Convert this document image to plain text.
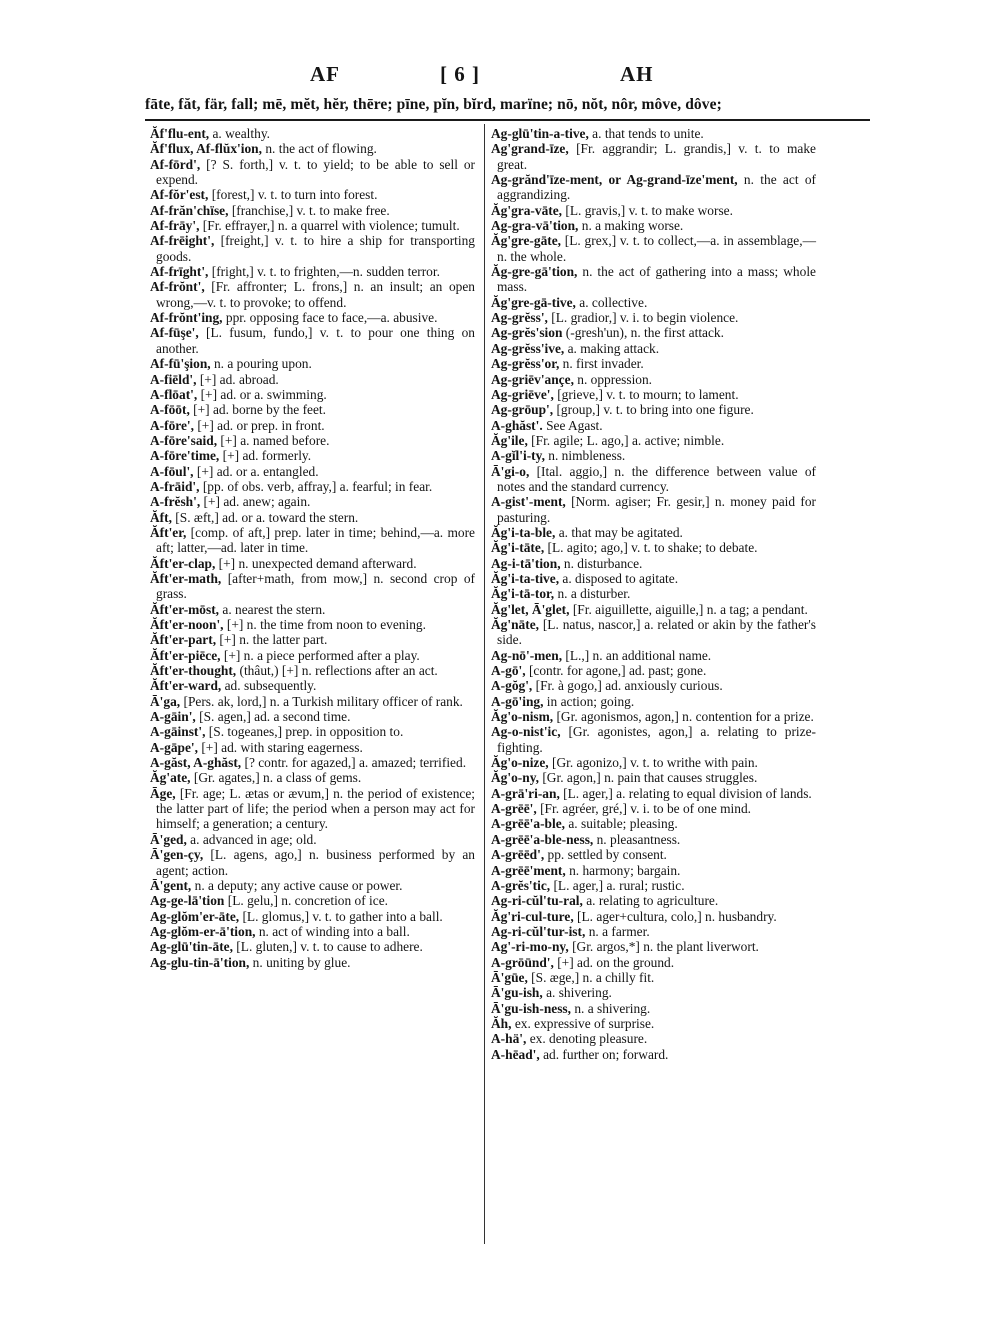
AF	[ 6 ]	AH
fāte, făt, fär, fall; mē, mĕt, hĕr, thēre; pīne, pĭn, bĭrd, marïne; nō, nŏt, nôr, môve, dôve;

Ăf'flu-ent, a. wealthy.

Ăf'flux, Af-flŭx'ion, n. the act of flowing.

Af-fōrd', [? S. forth,] v. t. to yield; to be able to sell or expend.

Af-fŏr'est, [forest,] v. t. to turn into forest.

Af-frăn'chïse, [franchise,] v. t. to make free.

Af-frāy', [Fr. effrayer,] n. a quarrel with violence; tumult.

Af-frēight', [freight,] v. t. to hire a ship for transporting goods.

Af-frīght', [fright,] v. t. to frighten,—n. sudden terror.

Af-frŏnt', [Fr. affronter; L. frons,] n. an insult; an open wrong,—v. t. to provoke; to offend.

Af-frŏnt'ing, ppr. opposing face to face,—a. abusive.

Af-fūşe', [L. fusum, fundo,] v. t. to pour one thing on another.

Af-fū'şion, n. a pouring upon.

A-fiēld', [+] ad. abroad.

A-flōat', [+] ad. or a. swimming.

A-fōōt, [+] ad. borne by the feet.

A-fōre', [+] ad. or prep. in front.

A-fōre'said, [+] a. named before.

A-fōre'time, [+] ad. formerly.

A-fōul', [+] ad. or a. entangled.

A-frāid', [pp. of obs. verb, affray,] a. fearful; in fear.

A-frĕsh', [+] ad. anew; again.

Ăft, [S. æft,] ad. or a. toward the stern.

Ăft'er, [comp. of aft,] prep. later in time; behind,—a. more aft; latter,—ad. later in time.

Ăft'er-clap, [+] n. unexpected demand afterward.

Ăft'er-math, [after+math, from mow,] n. second crop of grass.

Ăft'er-mōst, a. nearest the stern.

Ăft'er-noon', [+] n. the time from noon to evening.

Ăft'er-part, [+] n. the latter part.

Ăft'er-piēce, [+] n. a piece performed after a play.

Ăft'er-thought, (thâut,) [+] n. reflections after an act.

Ăft'er-ward, ad. subsequently.

Ā'ga, [Pers. ak, lord,] n. a Turkish military officer of rank.

A-gāin', [S. agen,] ad. a second time.

A-gāinst', [S. togeanes,] prep. in opposition to.

A-gāpe', [+] ad. with staring eagerness.

A-găst, A-ghăst, [? contr. for agazed,] a. amazed; terrified.

Ăg'ate, [Gr. agates,] n. a class of gems.

Āge, [Fr. age; L. ætas or ævum,] n. the period of existence; the latter part of life; the period when a person may act for himself; a generation; a century.

Ā'ged, a. advanced in age; old.

Ā'gen-çy, [L. agens, ago,] n. business performed by an agent; action.

Ā'gent, n. a deputy; any active cause or power.

Ag-ge-lā'tion [L. gelu,] n. concretion of ice.

Ag-glŏm'er-āte, [L. glomus,] v. t. to gather into a ball.

Ag-glŏm-er-ā'tion, n. act of winding into a ball.

Ag-glū'tin-āte, [L. gluten,] v. t. to cause to adhere.

Ag-glu-tin-ā'tion, n. uniting by glue.

Ag-glū'tin-a-tive, a. that tends to unite.

Ag'grand-īze, [Fr. aggrandir; L. grandis,] v. t. to make great.

Ag-grănd'īze-ment, or Ag-grand-īze'ment, n. the act of aggrandizing.

Ăg'gra-vāte, [L. gravis,] v. t. to make worse.

Ag-gra-vā'tion, n. a making worse.

Ăg'gre-gāte, [L. grex,] v. t. to collect,—a. in assemblage,—n. the whole.

Ăg-gre-gā'tion, n. the act of gathering into a mass; whole mass.

Ăg'gre-gā-tive, a. collective.

Ag-grĕss', [L. gradior,] v. i. to begin violence.

Ag-grĕs'sion (-gresh'un), n. the first attack.

Ag-grĕss'ive, a. making attack.

Ag-grĕss'or, n. first invader.

Ag-griēv'ançe, n. oppression.

Ag-griēve', [grieve,] v. t. to mourn; to lament.

Ag-grōup', [group,] v. t. to bring into one figure.

A-ghăst'. See Agast.

Ăg'ile, [Fr. agile; L. ago,] a. active; nimble.

A-gĭl'i-ty, n. nimbleness.

Ā'gi-o, [Ital. aggio,] n. the difference between value of notes and the standard currency.

A-gist'-ment, [Norm. agiser; Fr. gesir,] n. money paid for pasturing.

Ăg'i-ta-ble, a. that may be agitated.

Ăg'i-tāte, [L. agito; ago,] v. t. to shake; to debate.

Ag-i-tā'tion, n. disturbance.

Ăg'i-ta-tive, a. disposed to agitate.

Ăg'i-tā-tor, n. a disturber.

Ăg'let, Ā'glet, [Fr. aiguillette, aiguille,] n. a tag; a pendant.

Ăg'nāte, [L. natus, nascor,] a. related or akin by the father's side.

Ag-nō'-men, [L.,] n. an additional name.

A-gō', [contr. for agone,] ad. past; gone.

A-gŏg', [Fr. à gogo,] ad. anxiously curious.

A-gō'ing, in action; going.

Ăg'o-nism, [Gr. agonismos, agon,] n. contention for a prize.

Ag-o-nist'ic, [Gr. agonistes, agon,] a. relating to prize-fighting.

Ăg'o-nize, [Gr. agonizo,] v. t. to writhe with pain.

Ăg'o-ny, [Gr. agon,] n. pain that causes struggles.

A-grā'ri-an, [L. ager,] a. relating to equal division of lands.

A-grēē', [Fr. agréer, gré,] v. i. to be of one mind.

A-grēē'a-ble, a. suitable; pleasing.

A-grēē'a-ble-ness, n. pleasantness.

A-grēēd', pp. settled by consent.

A-grēē'ment, n. harmony; bargain.

A-grĕs'tic, [L. ager,] a. rural; rustic.

Ag-ri-cŭl'tu-ral, a. relating to agriculture.

Ăg'ri-cul-ture, [L. ager+cultura, colo,] n. husbandry.

Ag-ri-cŭl'tur-ist, n. a farmer.

Ag'-ri-mo-ny, [Gr. argos,*] n. the plant liverwort.

A-grōūnd', [+] ad. on the ground.

Ā'gūe, [S. æge,] n. a chilly fit.

Ā'gu-ish, a. shivering.

Ā'gu-ish-ness, n. a shivering.

Ăh, ex. expressive of surprise.

A-hä', ex. denoting pleasure.

A-hēad', ad. further on; forward.
